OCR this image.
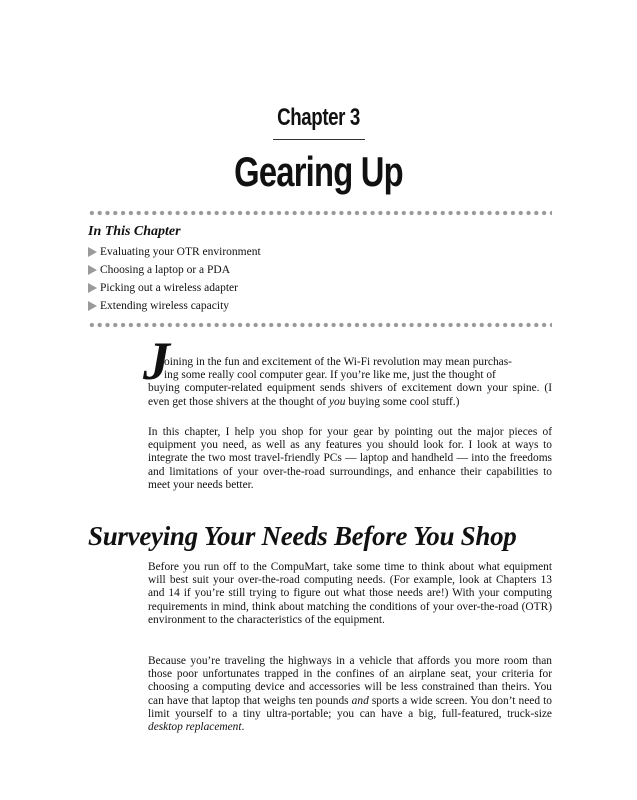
Chapter 3
Gearing Up
In This Chapter
Evaluating your OTR environment
Choosing a laptop or a PDA
Picking out a wireless adapter
Extending wireless capacity
J
oining in the fun and excitement of the Wi-Fi revolution may mean purchas-
ing some really cool computer gear. If you’re like me, just the thought of
buying computer-related equipment sends shivers of excitement down your spine. (I even get those shivers at the thought of you buying some cool stuff.)

In this chapter, I help you shop for your gear by pointing out the major pieces of equipment you need, as well as any features you should look for. I look at ways to integrate the two most travel-friendly PCs — laptop and handheld — into the freedoms and limitations of your over-the-road surroundings, and enhance their capabilities to meet your needs better.

Surveying Your Needs Before You Shop

Before you run off to the CompuMart, take some time to think about what equipment will best suit your over-the-road computing needs. (For example, look at Chapters 13 and 14 if you’re still trying to figure out what those needs are!) With your computing requirements in mind, think about matching the conditions of your over-the-road (OTR) environment to the characteristics of the equipment.

Because you’re traveling the highways in a vehicle that affords you more room than those poor unfortunates trapped in the confines of an airplane seat, your criteria for choosing a computing device and accessories will be less constrained than theirs. You can have that laptop that weighs ten pounds and sports a wide screen. You don’t need to limit yourself to a tiny ultra-portable; you can have a big, full-featured, truck-size desktop replacement.
